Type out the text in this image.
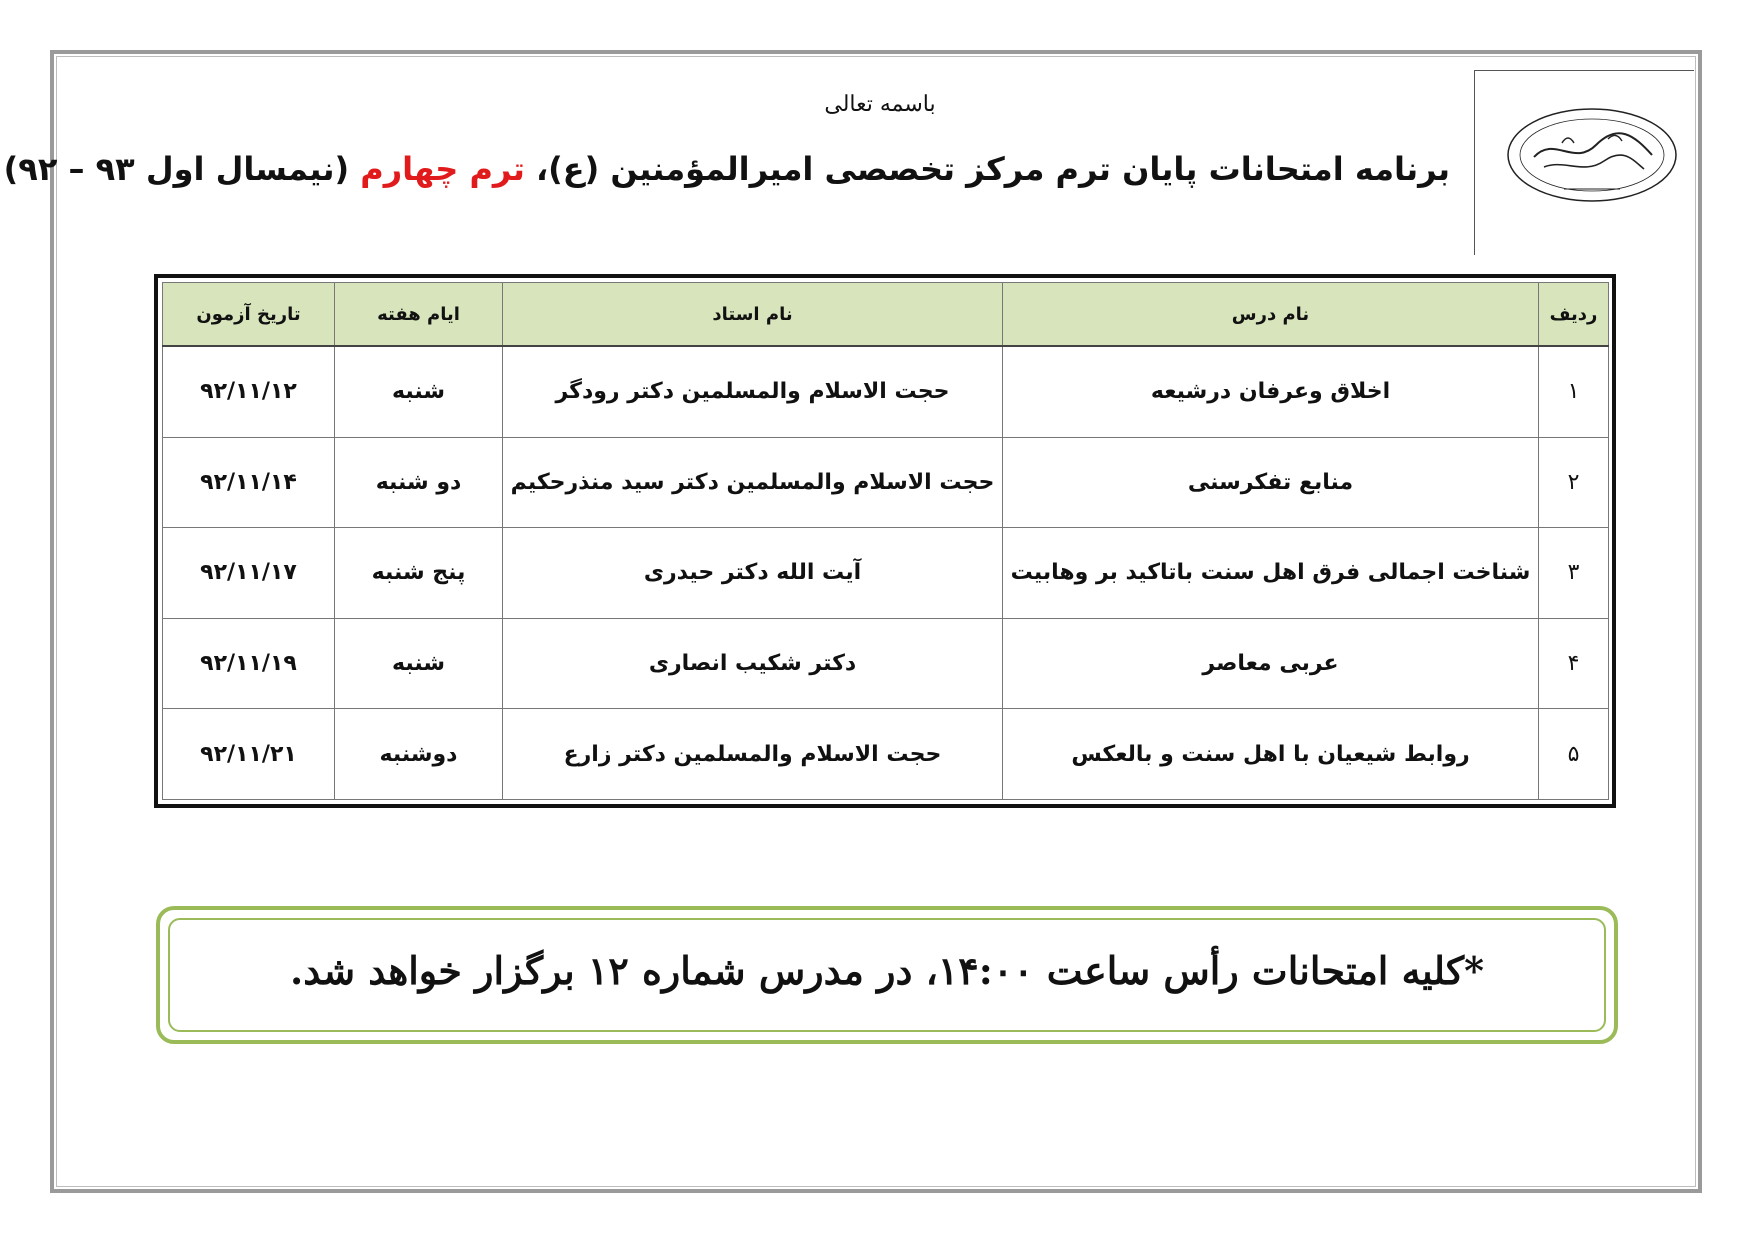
باسمه تعالی
برنامه امتحانات پایان ترم مرکز تخصصی امیرالمؤمنین (ع)، ترم چهارم (نیمسال اول ۹۳ – ۹۲)
ردیف	نام درس	نام استاد	ایام هفته	تاریخ آزمون
۱	اخلاق وعرفان درشیعه	حجت الاسلام والمسلمین دکتر رودگر	شنبه	۹۲/۱۱/۱۲
۲	منابع تفکرسنی	حجت الاسلام والمسلمین دکتر سید منذرحکیم	دو شنبه	۹۲/۱۱/۱۴
۳	شناخت اجمالی فرق اهل سنت باتاکید بر وهابیت	آیت الله دکتر حیدری	پنج شنبه	۹۲/۱۱/۱۷
۴	عربی معاصر	دکتر شکیب انصاری	شنبه	۹۲/۱۱/۱۹
۵	روابط شیعیان با اهل سنت و بالعکس	حجت الاسلام والمسلمین دکتر زارع	دوشنبه	۹۲/۱۱/۲۱
*کلیه امتحانات رأس ساعت ۱۴:۰۰، در مدرس شماره ۱۲ برگزار خواهد شد.
